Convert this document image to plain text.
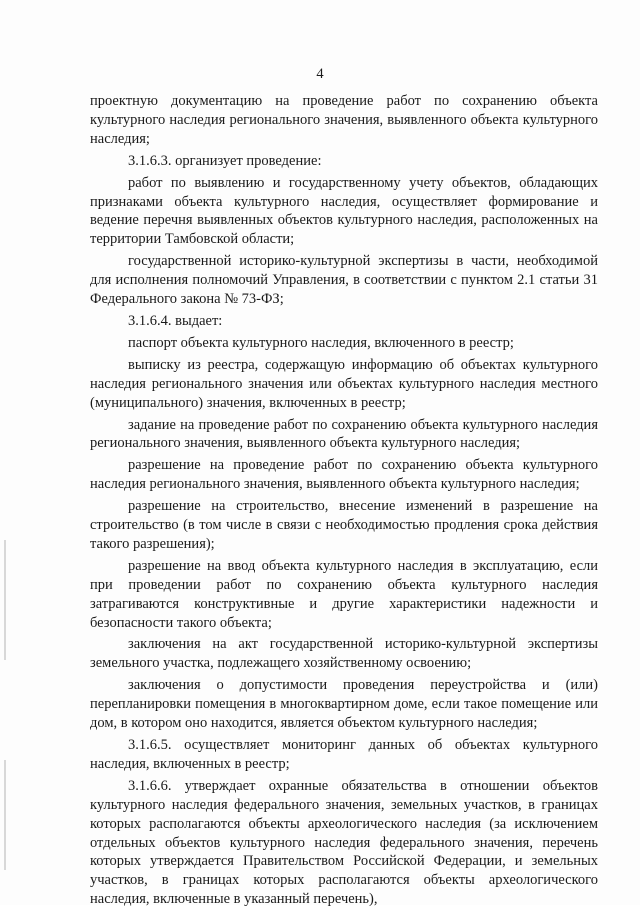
4

проектную документацию на проведение работ по сохранению объекта культурного наследия регионального значения, выявленного объекта культурного наследия;

3.1.6.3. организует проведение:

работ по выявлению и государственному учету объектов, обладающих признаками объекта культурного наследия, осуществляет формирование и ведение перечня выявленных объектов культурного наследия, расположенных на территории Тамбовской области;

государственной историко-культурной экспертизы в части, необходимой для исполнения полномочий Управления, в соответствии с пунктом 2.1 статьи 31 Федерального закона № 73-ФЗ;

3.1.6.4. выдает:

паспорт объекта культурного наследия, включенного в реестр;

выписку из реестра, содержащую информацию об объектах культурного наследия регионального значения или объектах культурного наследия местного (муниципального) значения, включенных в реестр;

задание на проведение работ по сохранению объекта культурного наследия регионального значения, выявленного объекта культурного наследия;

разрешение на проведение работ по сохранению объекта культурного наследия регионального значения, выявленного объекта культурного наследия;

разрешение на строительство, внесение изменений в разрешение на строительство (в том числе в связи с необходимостью продления срока действия такого разрешения);

разрешение на ввод объекта культурного наследия в эксплуатацию, если при проведении работ по сохранению объекта культурного наследия затрагиваются конструктивные и другие характеристики надежности и безопасности такого объекта;

заключения на акт государственной историко-культурной экспертизы земельного участка, подлежащего хозяйственному освоению;

заключения о допустимости проведения переустройства и (или) перепланировки помещения в многоквартирном доме, если такое помещение или дом, в котором оно находится, является объектом культурного наследия;

3.1.6.5. осуществляет мониторинг данных об объектах культурного наследия, включенных в реестр;

3.1.6.6. утверждает охранные обязательства в отношении объектов культурного наследия федерального значения, земельных участков, в границах которых располагаются объекты археологического наследия (за исключением отдельных объектов культурного наследия федерального значения, перечень которых утверждается Правительством Российской Федерации, и земельных участков, в границах которых располагаются объекты археологического наследия, включенные в указанный перечень),
